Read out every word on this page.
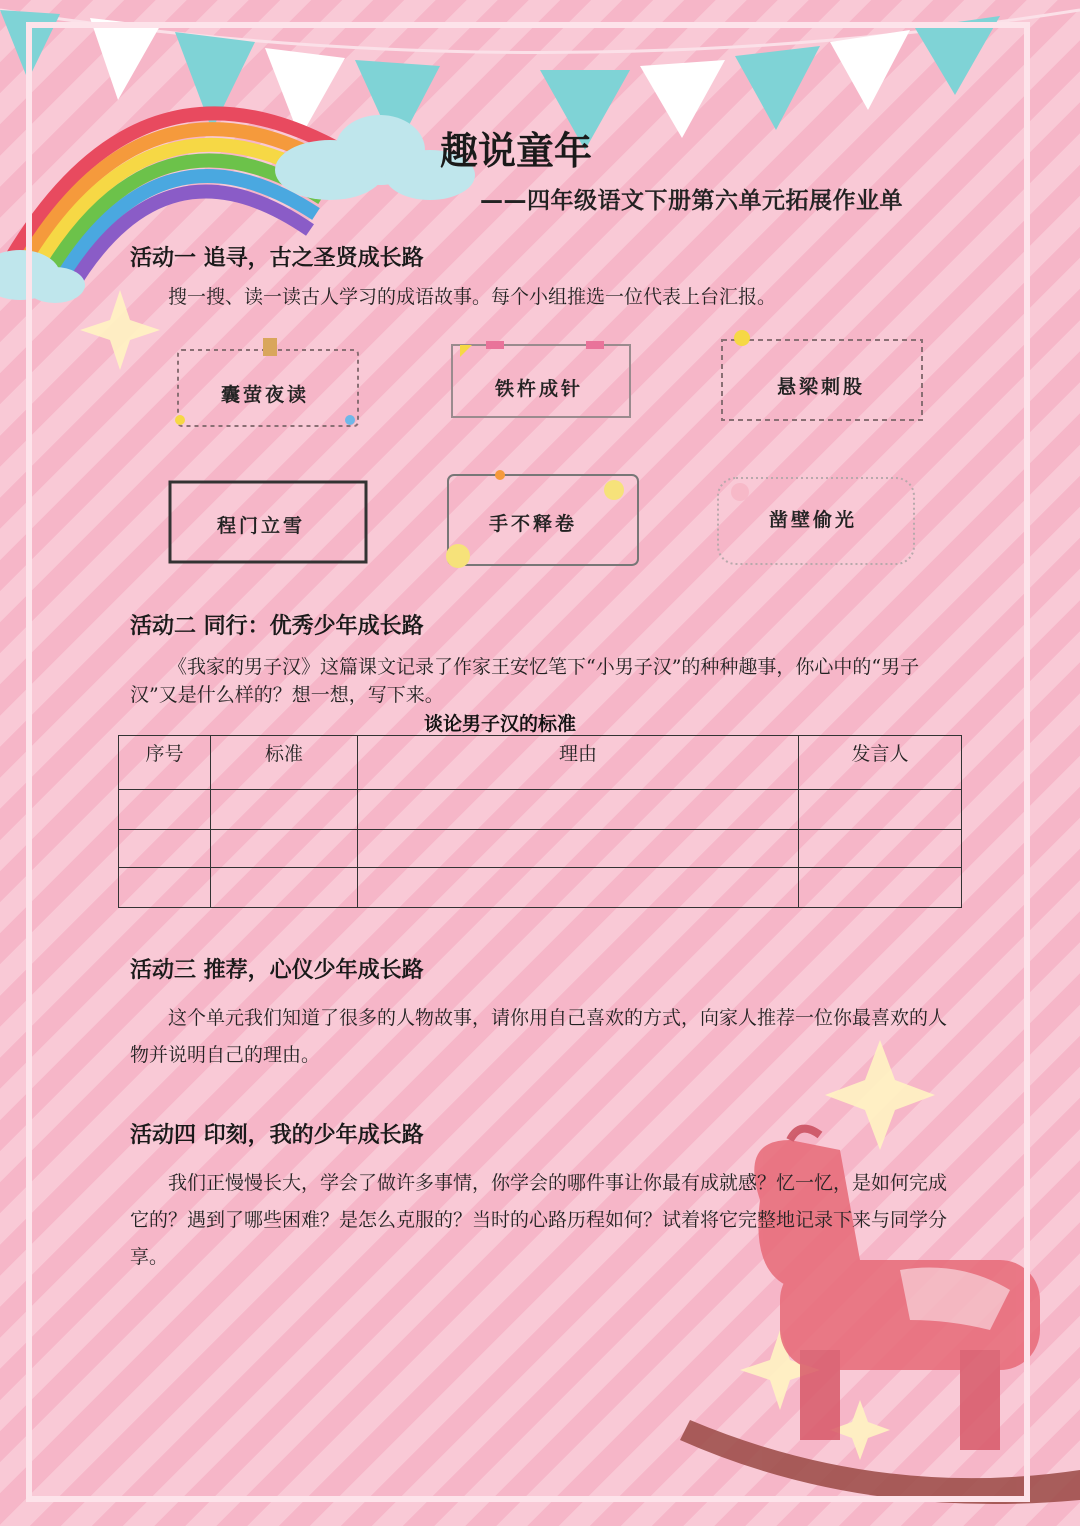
趣说童年
——四年级语文下册第六单元拓展作业单
活动一 追寻，古之圣贤成长路
搜一搜、读一读古人学习的成语故事。每个小组推选一位代表上台汇报。
囊萤夜读	铁杵成针	悬梁刺股
程门立雪	手不释卷	凿壁偷光
活动二 同行：优秀少年成长路
《我家的男子汉》这篇课文记录了作家王安忆笔下“小男子汉”的种种趣事，你心中的“男子汉”又是什么样的？想一想，写下来。
谈论男子汉的标准
序号	标准	理由	发言人

活动三 推荐，心仪少年成长路
这个单元我们知道了很多的人物故事，请你用自己喜欢的方式，向家人推荐一位你最喜欢的人物并说明自己的理由。
活动四 印刻，我的少年成长路
我们正慢慢长大，学会了做许多事情，你学会的哪件事让你最有成就感？忆一忆，是如何完成它的？遇到了哪些困难？是怎么克服的？当时的心路历程如何？试着将它完整地记录下来与同学分享。
